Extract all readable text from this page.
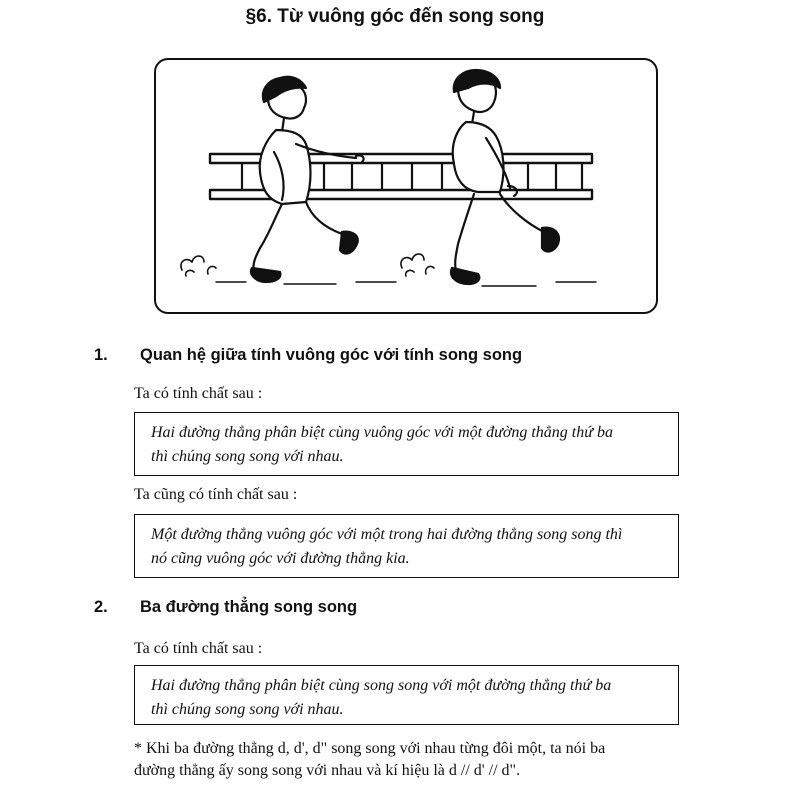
§6. Từ vuông góc đến song song
1. Quan hệ giữa tính vuông góc với tính song song
Ta có tính chất sau :
Hai đường thẳng phân biệt cùng vuông góc với một đường thẳng thứ ba
thì chúng song song với nhau.
Ta cũng có tính chất sau :
Một đường thẳng vuông góc với một trong hai đường thẳng song song thì
nó cũng vuông góc với đường thẳng kia.
2. Ba đường thẳng song song
Ta có tính chất sau :
Hai đường thẳng phân biệt cùng song song với một đường thẳng thứ ba
thì chúng song song với nhau.
* Khi ba đường thẳng d, d', d" song song với nhau từng đôi một, ta nói ba
đường thẳng ấy song song với nhau và kí hiệu là d // d' // d".
